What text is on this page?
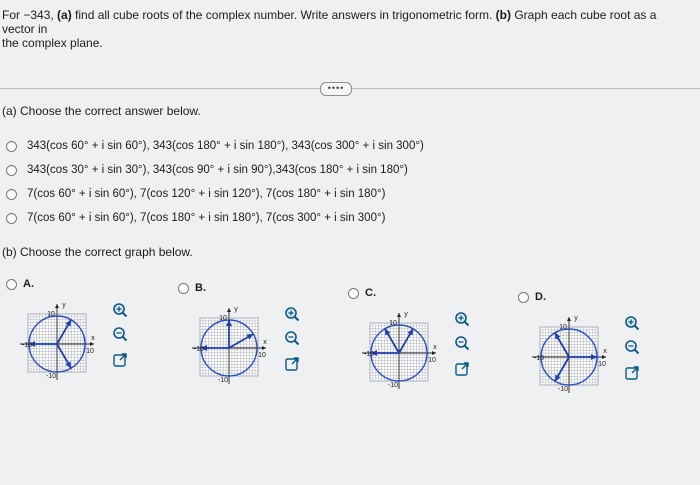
For −343, (a) find all cube roots of the complex number. Write answers in trigonometric form. (b) Graph each cube root as a vector in
the complex plane.
••••
(a) Choose the correct answer below.
343(cos 60° + i sin 60°), 343(cos 180° + i sin 180°), 343(cos 300° + i sin 300°)
343(cos 30° + i sin 30°), 343(cos 90° + i sin 90°),343(cos 180° + i sin 180°)
7(cos 60° + i sin 60°), 7(cos 120° + i sin 120°), 7(cos 180° + i sin 180°)
7(cos 60° + i sin 60°), 7(cos 180° + i sin 180°), 7(cos 300° + i sin 300°)
(b) Choose the correct graph below.
A.
y
x
10
-10
-10
10
B.
y
x
10
-10
-10
10
C.
y
x
10
-10
-10
10
D.
y
x
10
-10
-10
10
